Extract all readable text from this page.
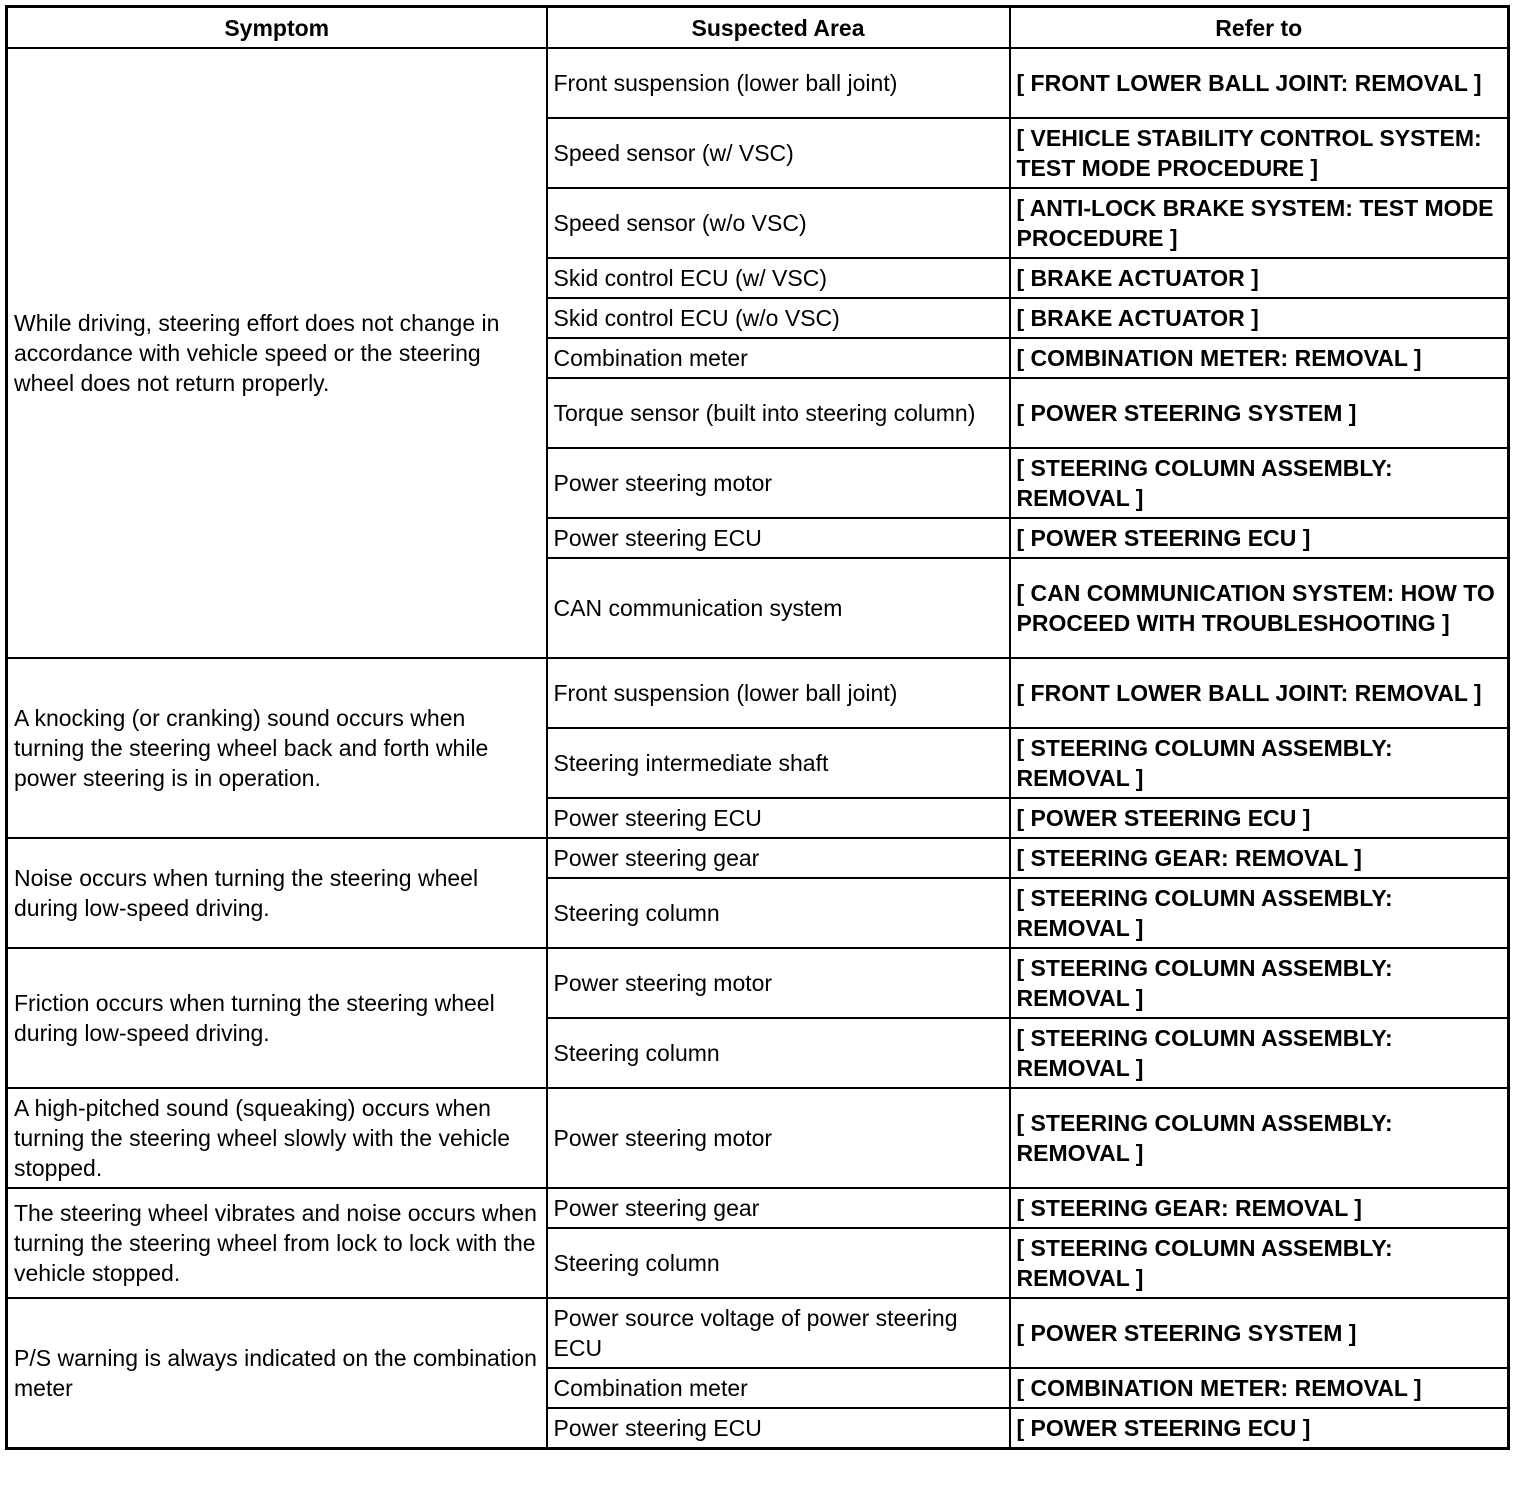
Symptom	Suspected Area	Refer to
While driving, steering effort does not change in accordance with vehicle speed or the steering wheel does not return properly.	Front suspension (lower ball joint)	[ FRONT LOWER BALL JOINT: REMOVAL ]
	Speed sensor (w/ VSC)	[ VEHICLE STABILITY CONTROL SYSTEM: TEST MODE PROCEDURE ]
	Speed sensor (w/o VSC)	[ ANTI-LOCK BRAKE SYSTEM: TEST MODE PROCEDURE ]
	Skid control ECU (w/ VSC)	[ BRAKE ACTUATOR ]
	Skid control ECU (w/o VSC)	[ BRAKE ACTUATOR ]
	Combination meter	[ COMBINATION METER: REMOVAL ]
	Torque sensor (built into steering column)	[ POWER STEERING SYSTEM ]
	Power steering motor	[ STEERING COLUMN ASSEMBLY: REMOVAL ]
	Power steering ECU	[ POWER STEERING ECU ]
	CAN communication system	[ CAN COMMUNICATION SYSTEM: HOW TO PROCEED WITH TROUBLESHOOTING ]
A knocking (or cranking) sound occurs when turning the steering wheel back and forth while power steering is in operation.	Front suspension (lower ball joint)	[ FRONT LOWER BALL JOINT: REMOVAL ]
	Steering intermediate shaft	[ STEERING COLUMN ASSEMBLY: REMOVAL ]
	Power steering ECU	[ POWER STEERING ECU ]
Noise occurs when turning the steering wheel during low-speed driving.	Power steering gear	[ STEERING GEAR: REMOVAL ]
	Steering column	[ STEERING COLUMN ASSEMBLY: REMOVAL ]
Friction occurs when turning the steering wheel during low-speed driving.	Power steering motor	[ STEERING COLUMN ASSEMBLY: REMOVAL ]
	Steering column	[ STEERING COLUMN ASSEMBLY: REMOVAL ]
A high-pitched sound (squeaking) occurs when turning the steering wheel slowly with the vehicle stopped.	Power steering motor	[ STEERING COLUMN ASSEMBLY: REMOVAL ]
The steering wheel vibrates and noise occurs when turning the steering wheel from lock to lock with the vehicle stopped.	Power steering gear	[ STEERING GEAR: REMOVAL ]
	Steering column	[ STEERING COLUMN ASSEMBLY: REMOVAL ]
P/S warning is always indicated on the combination meter	Power source voltage of power steering ECU	[ POWER STEERING SYSTEM ]
	Combination meter	[ COMBINATION METER: REMOVAL ]
	Power steering ECU	[ POWER STEERING ECU ]
